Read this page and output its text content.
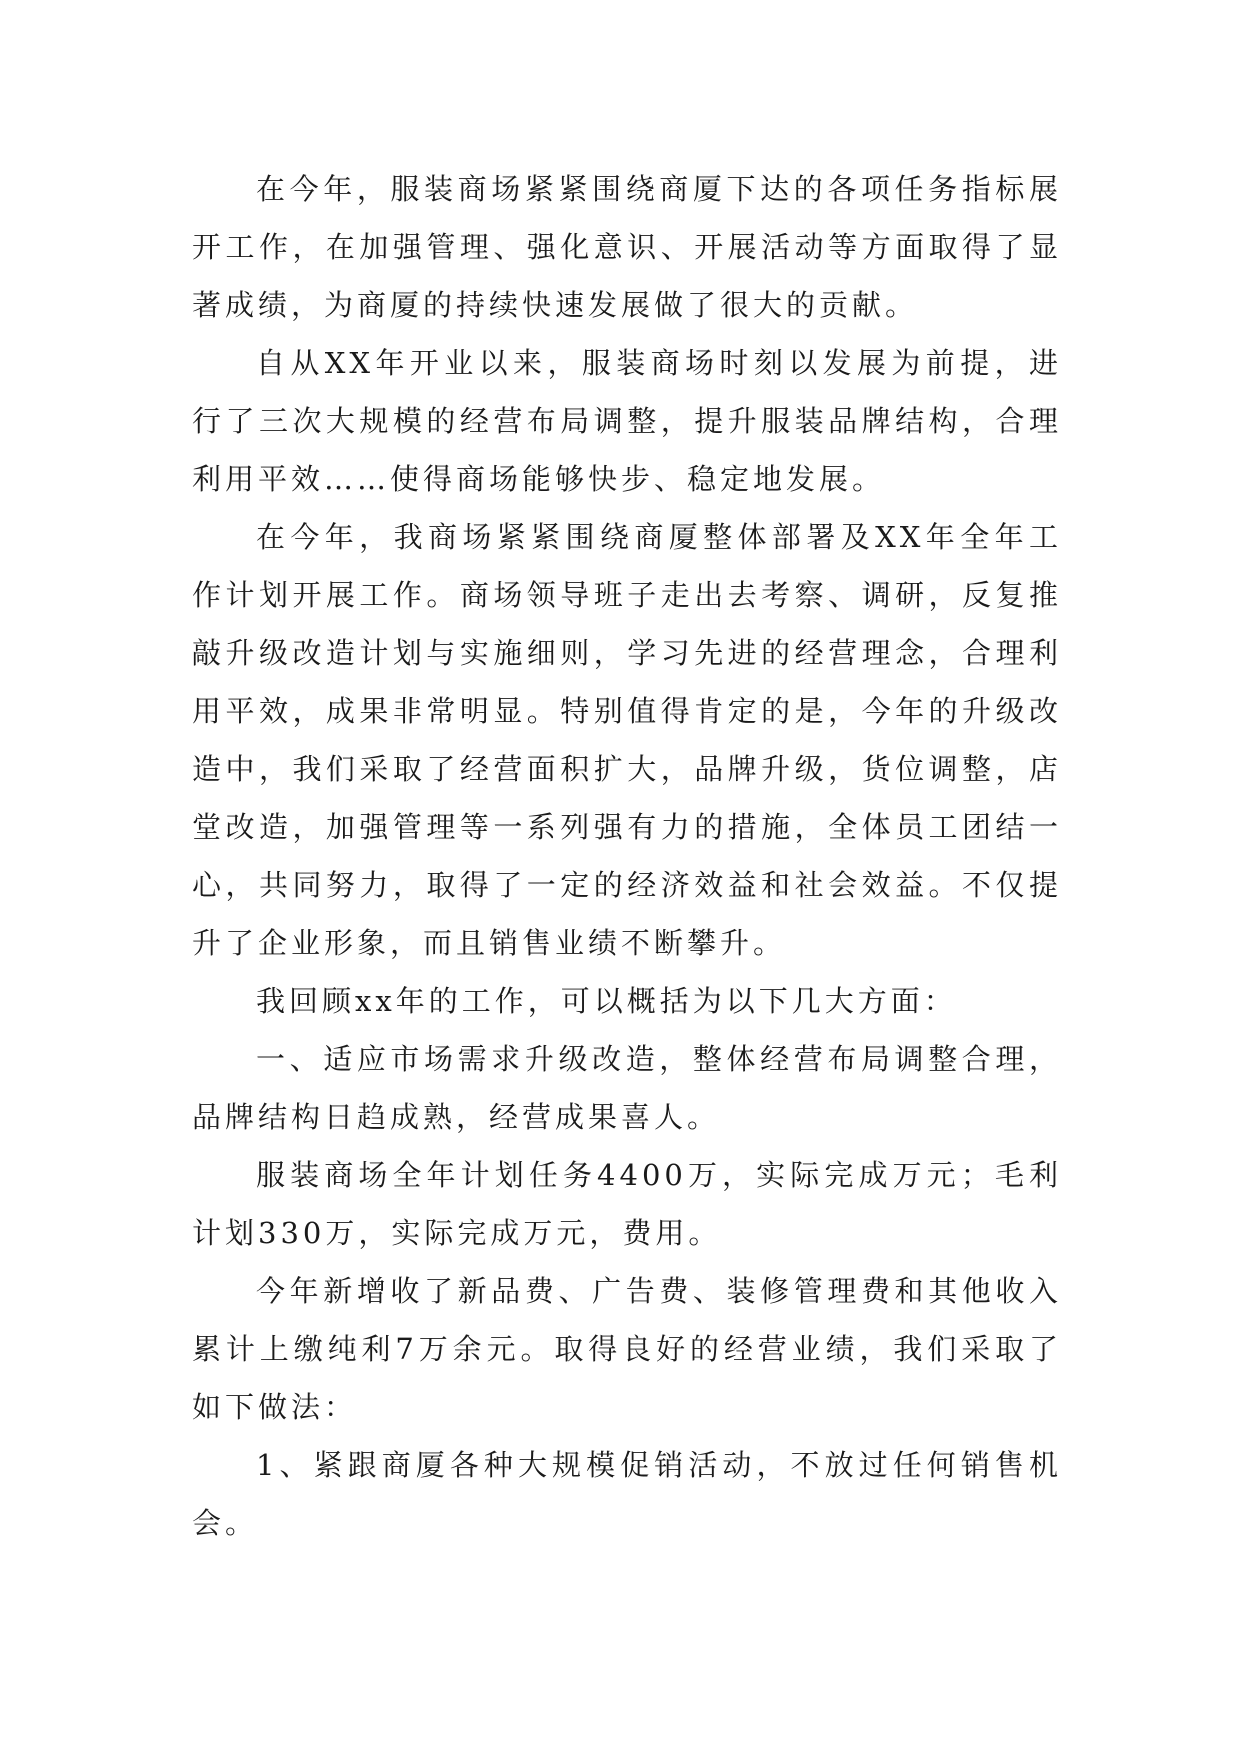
在今年，服装商场紧紧围绕商厦下达的各项任务指标展开工作，在加强管理、强化意识、开展活动等方面取得了显著成绩，为商厦的持续快速发展做了很大的贡献。

自从XX年开业以来，服装商场时刻以发展为前提，进行了三次大规模的经营布局调整，提升服装品牌结构，合理利用平效……使得商场能够快步、稳定地发展。

在今年，我商场紧紧围绕商厦整体部署及XX年全年工作计划开展工作。商场领导班子走出去考察、调研，反复推敲升级改造计划与实施细则，学习先进的经营理念，合理利用平效，成果非常明显。特别值得肯定的是，今年的升级改造中，我们采取了经营面积扩大，品牌升级，货位调整，店堂改造，加强管理等一系列强有力的措施，全体员工团结一心，共同努力，取得了一定的经济效益和社会效益。不仅提升了企业形象，而且销售业绩不断攀升。

我回顾xx年的工作，可以概括为以下几大方面：

一、适应市场需求升级改造，整体经营布局调整合理，品牌结构日趋成熟，经营成果喜人。

服装商场全年计划任务4400万，实际完成万元；毛利计划330万，实际完成万元，费用。

今年新增收了新品费、广告费、装修管理费和其他收入累计上缴纯利7万余元。取得良好的经营业绩，我们采取了如下做法：

1、紧跟商厦各种大规模促销活动，不放过任何销售机会。
